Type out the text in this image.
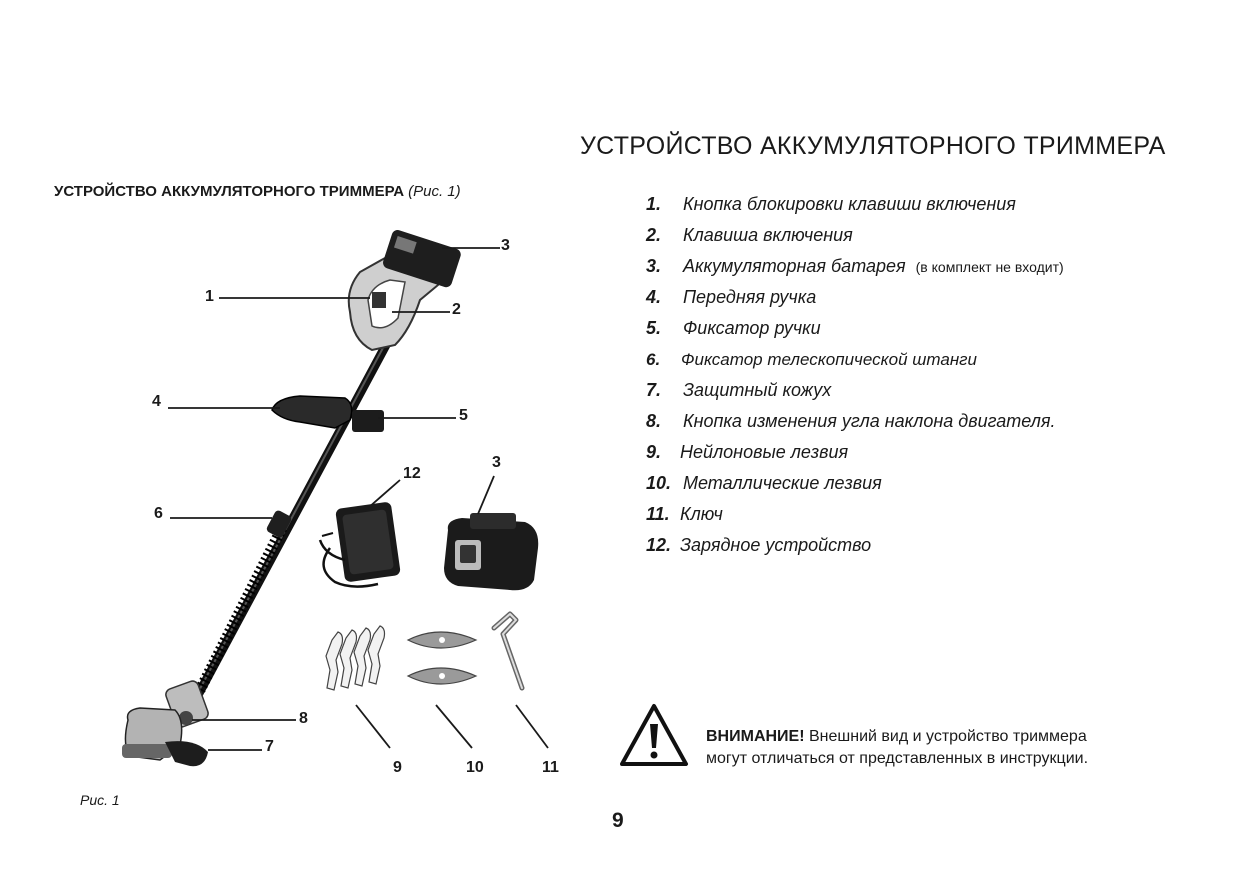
УСТРОЙСТВО АККУМУЛЯТОРНОГО ТРИММЕРА
УСТРОЙСТВО АККУМУЛЯТОРНОГО ТРИММЕРА (Рис. 1)
1
2
3
4
5
6
7
8
3
12
9	10	11
1. Кнопка блокировки клавиши включения
2. Клавиша включения
3. Аккумуляторная батарея (в комплект не входит)
4. Передняя ручка
5. Фиксатор ручки
6. Фиксатор телескопической штанги
7. Защитный кожух
8. Кнопка изменения угла наклона двигателя.
9. Нейлоновые лезвия
10. Металлические лезвия
11. Ключ
12. Зарядное устройство
ВНИМАНИЕ! Внешний вид и устройство триммера
могут отличаться от представленных в инструкции.
Рис. 1
9
